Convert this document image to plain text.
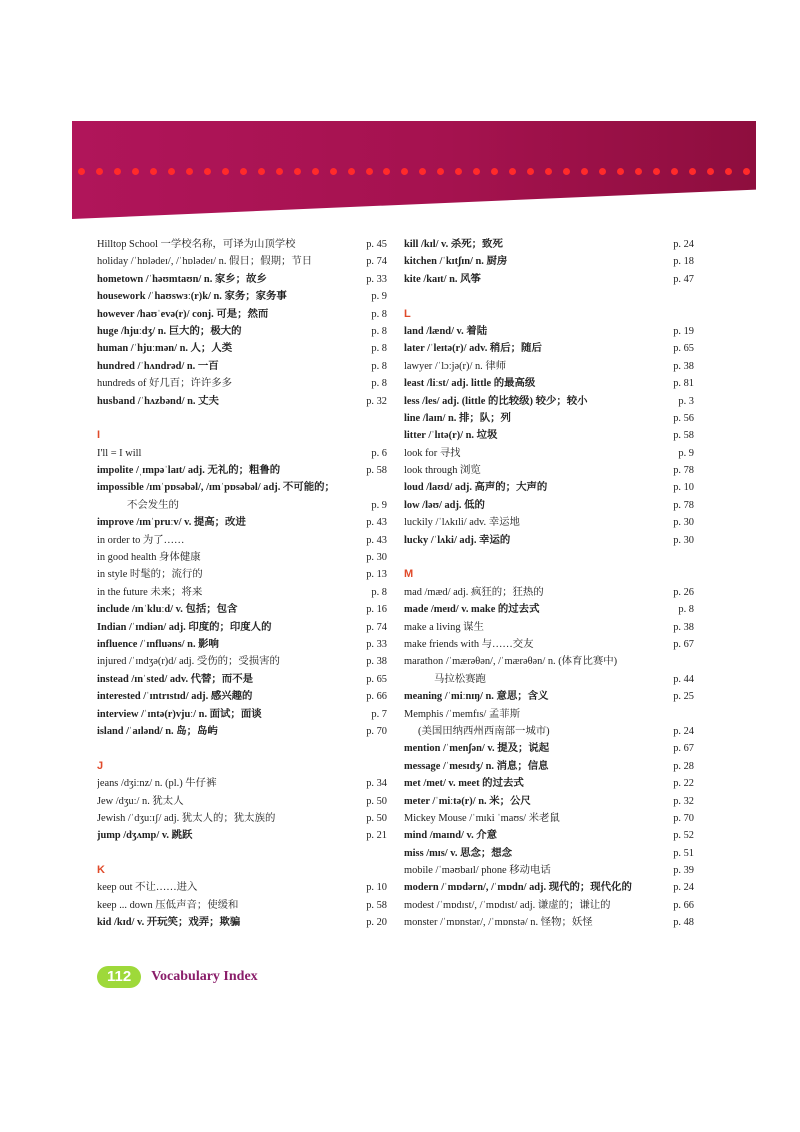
Hilltop School 一学校名称，可译为山顶学校	p. 45
holiday /ˈhɒlədeɪ/, /ˈhɒlədeɪ/ n. 假日；假期；节日	p. 74
hometown /ˈhəʊmtaʊn/ n. 家乡；故乡	p. 33
housework /ˈhaʊswɜː(r)k/ n. 家务；家务事	p. 9
however /haʊˈevə(r)/ conj. 可是；然而	p. 8
huge /hjuːdʒ/ n. 巨大的；极大的	p. 8
human /ˈhjuːmən/ n. 人；人类	p. 8
hundred /ˈhʌndrəd/ n. 一百	p. 8
hundreds of 好几百；许许多多	p. 8
husband /ˈhʌzbənd/ n. 丈夫	p. 32
I
I'll = I will	p. 6
impolite /ˌɪmpəˈlaɪt/ adj. 无礼的；粗鲁的	p. 58
impossible /ɪmˈpɒsəbəl/, /ɪmˈpɒsəbəl/ adj. 不可能的；
不会发生的	p. 9
improve /ɪmˈpruːv/ v. 提高；改进	p. 43
in order to 为了……	p. 43
in good health 身体健康	p. 30
in style 时髦的；流行的	p. 13
in the future 未来；将来	p. 8
include /ɪnˈkluːd/ v. 包括；包含	p. 16
Indian /ˈɪndiən/ adj. 印度的；印度人的	p. 74
influence /ˈɪnfluəns/ n. 影响	p. 33
injured /ˈɪndʒə(r)d/ adj. 受伤的；受损害的	p. 38
instead /ɪnˈsted/ adv. 代替；而不是	p. 65
interested /ˈɪntrɪstɪd/ adj. 感兴趣的	p. 66
interview /ˈɪntə(r)vjuː/ n. 面试；面谈	p. 7
island /ˈaɪlənd/ n. 岛；岛屿	p. 70
J
jeans /dʒiːnz/ n. (pl.) 牛仔裤	p. 34
Jew /dʒuː/ n. 犹太人	p. 50
Jewish /ˈdʒuːɪʃ/ adj. 犹太人的；犹太族的	p. 50
jump /dʒʌmp/ v. 跳跃	p. 21
K
keep out 不让……进入	p. 10
keep ... down 压低声音；使缓和	p. 58
kid /kɪd/ v. 开玩笑；戏弄；欺骗	p. 20
kill /kɪl/ v. 杀死；致死	p. 24
kitchen /ˈkɪtʃɪn/ n. 厨房	p. 18
kite /kaɪt/ n. 风筝	p. 47
L
land /lænd/ v. 着陆	p. 19
later /ˈleɪtə(r)/ adv. 稍后；随后	p. 65
lawyer /ˈlɔːjə(r)/ n. 律师	p. 38
least /liːst/ adj. little 的最高级	p. 81
less /les/ adj. (little 的比较级) 较少；较小	p. 3
line /laɪn/ n. 排；队；列	p. 56
litter /ˈlɪtə(r)/ n. 垃圾	p. 58
look for 寻找	p. 9
look through 浏览	p. 78
loud /laʊd/ adj. 高声的；大声的	p. 10
low /ləʊ/ adj. 低的	p. 78
luckily /ˈlʌkɪli/ adv. 幸运地	p. 30
lucky /ˈlʌki/ adj. 幸运的	p. 30
M
mad /mæd/ adj. 疯狂的；狂热的	p. 26
made /meɪd/ v. make 的过去式	p. 8
make a living 谋生	p. 38
make friends with 与……交友	p. 67
marathon /ˈmærəθən/, /ˈmærəθən/ n. (体育比赛中)
马拉松赛跑	p. 44
meaning /ˈmiːnɪŋ/ n. 意思；含义	p. 25
Memphis /ˈmemfɪs/ 孟菲斯
(美国田纳西州西南部一城市)	p. 24
mention /ˈmenʃən/ v. 提及；说起	p. 67
message /ˈmesɪdʒ/ n. 消息；信息	p. 28
met /met/ v. meet 的过去式	p. 22
meter /ˈmiːtə(r)/ n. 米；公尺	p. 32
Mickey Mouse /ˈmɪki ˈmaʊs/ 米老鼠	p. 70
mind /maɪnd/ v. 介意	p. 52
miss /mɪs/ v. 思念；想念	p. 51
mobile /ˈməʊbaɪl/ phone 移动电话	p. 39
modern /ˈmɒdərn/, /ˈmɒdn/ adj. 现代的；现代化的	p. 24
modest /ˈmɒdɪst/, /ˈmɒdɪst/ adj. 谦虚的；谦让的	p. 66
monster /ˈmɒnstər/, /ˈmɒnstə/ n. 怪物；妖怪	p. 48
112	Vocabulary Index
